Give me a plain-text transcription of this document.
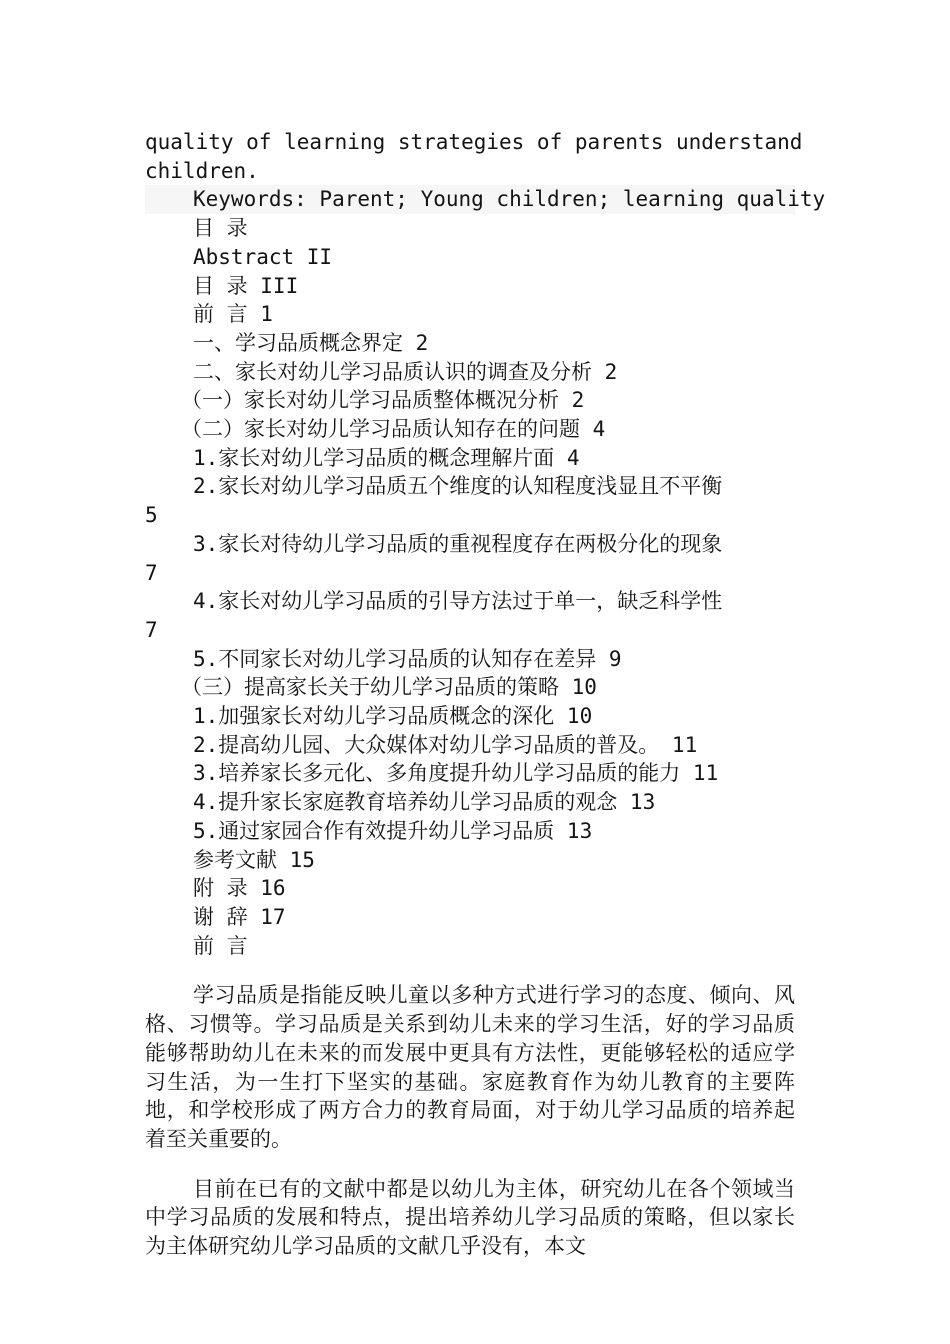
quality of learning strategies of parents understand
children.
Keywords: Parent; Young children; learning quality
目 录
Abstract II
目 录 III
前 言 1
一、学习品质概念界定 2
二、家长对幼儿学习品质认识的调查及分析 2
（一）家长对幼儿学习品质整体概况分析 2
（二）家长对幼儿学习品质认知存在的问题 4
1.家长对幼儿学习品质的概念理解片面 4
2.家长对幼儿学习品质五个维度的认知程度浅显且不平衡
5
3.家长对待幼儿学习品质的重视程度存在两极分化的现象
7
4.家长对幼儿学习品质的引导方法过于单一，缺乏科学性
7
5.不同家长对幼儿学习品质的认知存在差异 9
（三）提高家长关于幼儿学习品质的策略 10
1.加强家长对幼儿学习品质概念的深化 10
2.提高幼儿园、大众媒体对幼儿学习品质的普及。 11
3.培养家长多元化、多角度提升幼儿学习品质的能力 11
4.提升家长家庭教育培养幼儿学习品质的观念 13
5.通过家园合作有效提升幼儿学习品质 13
参考文献 15
附 录 16
谢 辞 17
前 言

学习品质是指能反映儿童以多种方式进行学习的态度、倾向、风格、习惯等。学习品质是关系到幼儿未来的学习生活，好的学习品质能够帮助幼儿在未来的而发展中更具有方法性，更能够轻松的适应学习生活，为一生打下坚实的基础。家庭教育作为幼儿教育的主要阵地，和学校形成了两方合力的教育局面，对于幼儿学习品质的培养起着至关重要的。

目前在已有的文献中都是以幼儿为主体，研究幼儿在各个领域当中学习品质的发展和特点，提出培养幼儿学习品质的策略，但以家长为主体研究幼儿学习品质的文献几乎没有，本文
